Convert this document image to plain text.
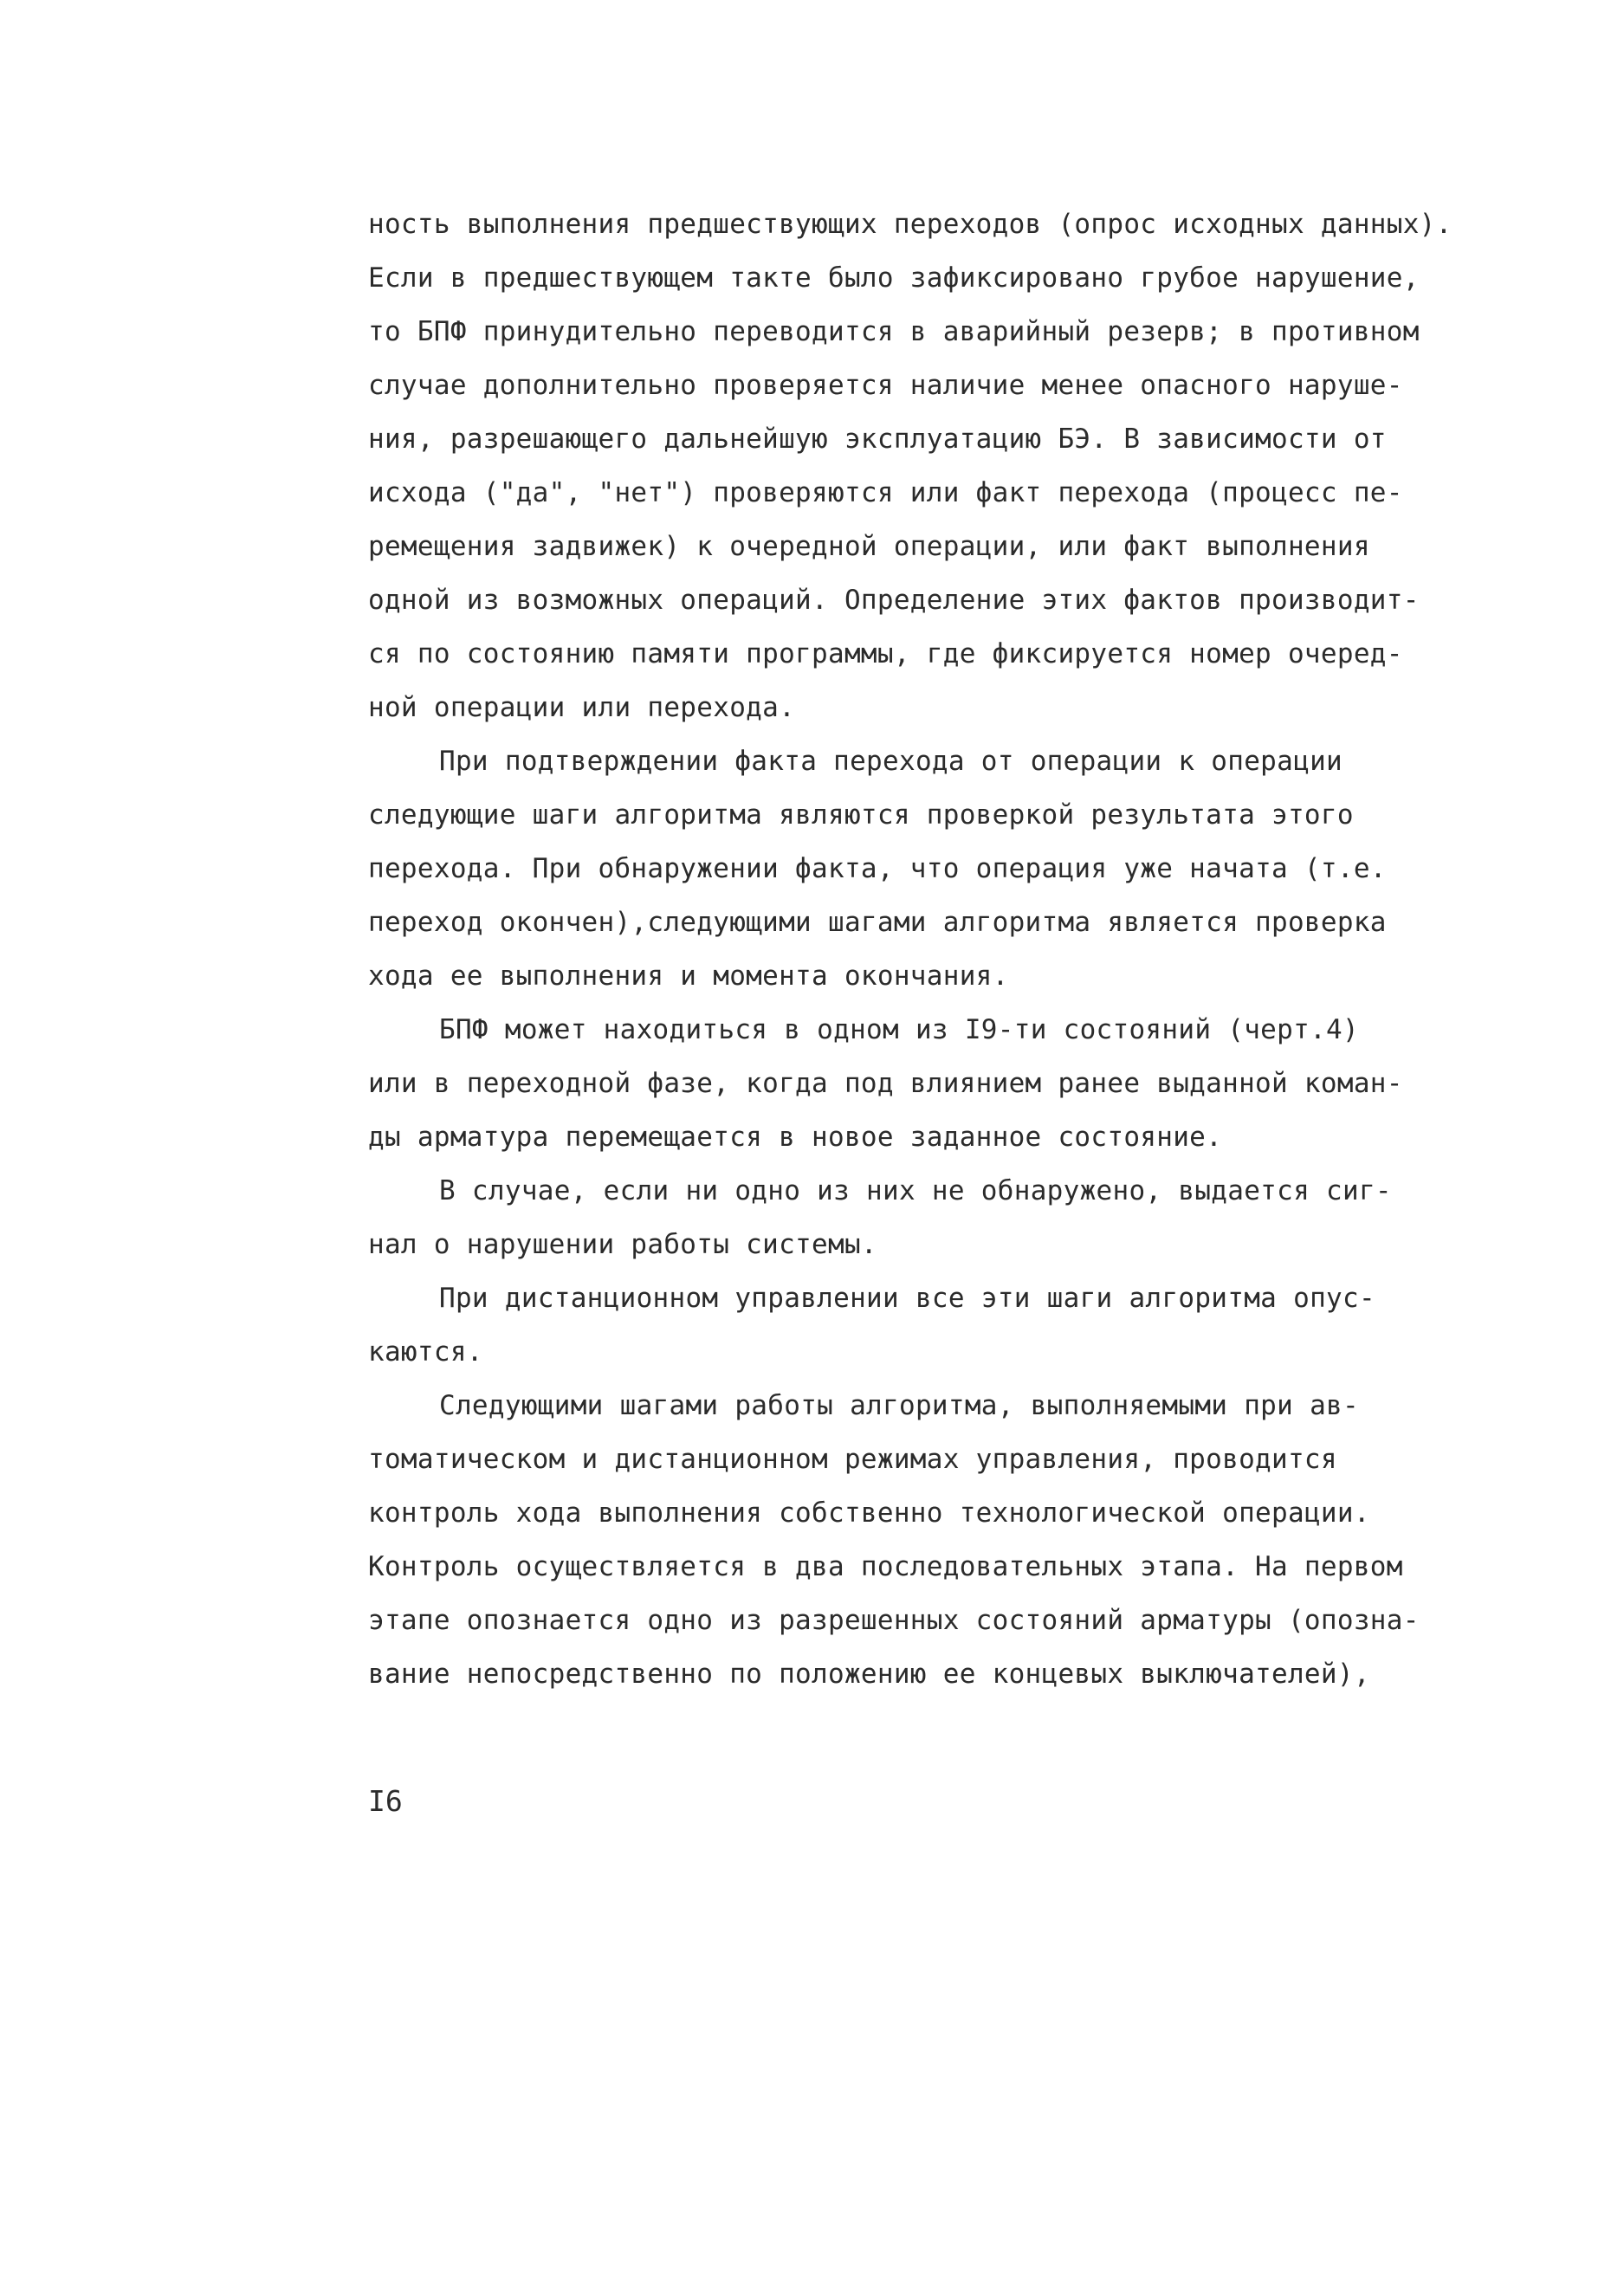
ность выполнения предшествующих переходов (опрос исходных данных).
Если в предшествующем такте было зафиксировано грубое нарушение,
то БПФ принудительно переводится в аварийный резерв; в противном
случае дополнительно проверяется наличие менее опасного наруше-
ния, разрешающего дальнейшую эксплуатацию БЭ. В зависимости от
исхода ("да", "нет") проверяются или факт перехода (процесс пе-
ремещения задвижек) к очередной операции, или факт выполнения
одной из возможных операций. Определение этих фактов производит-
ся по состоянию памяти программы, где фиксируется номер очеред-
ной операции или перехода.
При подтверждении факта перехода от операции к операции
следующие шаги алгоритма являются проверкой результата этого
перехода. При обнаружении факта, что операция уже начата (т.е.
переход окончен),следующими шагами алгоритма является проверка
хода ее выполнения и момента окончания.
БПФ может находиться в одном из I9-ти состояний (черт.4)
или в переходной фазе, когда под влиянием ранее выданной коман-
ды арматура перемещается в новое заданное состояние.
В случае, если ни одно из них не обнаружено, выдается сиг-
нал о нарушении работы системы.
При дистанционном управлении все эти шаги алгоритма опус-
каются.
Следующими шагами работы алгоритма, выполняемыми при ав-
томатическом и дистанционном режимах управления, проводится
контроль хода выполнения собственно технологической операции.
Контроль осуществляется в два последовательных этапа. На первом
этапе опознается одно из разрешенных состояний арматуры (опозна-
вание непосредственно по положению ее концевых выключателей),
I6
